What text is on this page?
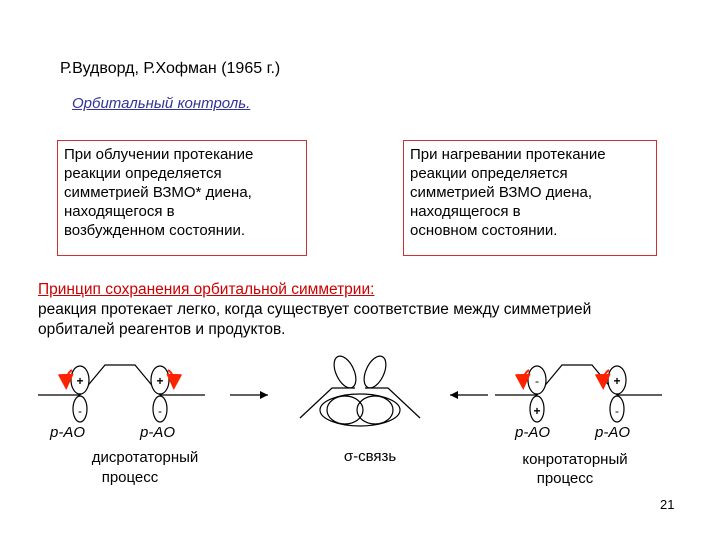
Р.Вудворд, Р.Хофман (1965 г.)
Орбитальный контроль.
При облучении протекание
реакции определяется
симметрией ВЗМО* диена,
находящегося в
возбужденном состоянии.
При нагревании протекание
реакции определяется
симметрией ВЗМО диена,
находящегося в
основном состоянии.
Принцип сохранения орбитальной симметрии:
реакция протекает легко, когда существует соответствие между симметрией
орбиталей реагентов и продуктов.
+
-
+
-
p-AO	p-AO
дисротаторный
процесс
σ-связь
-
+
+
-
p-AO	p-AO
конротаторный
процесс
21
